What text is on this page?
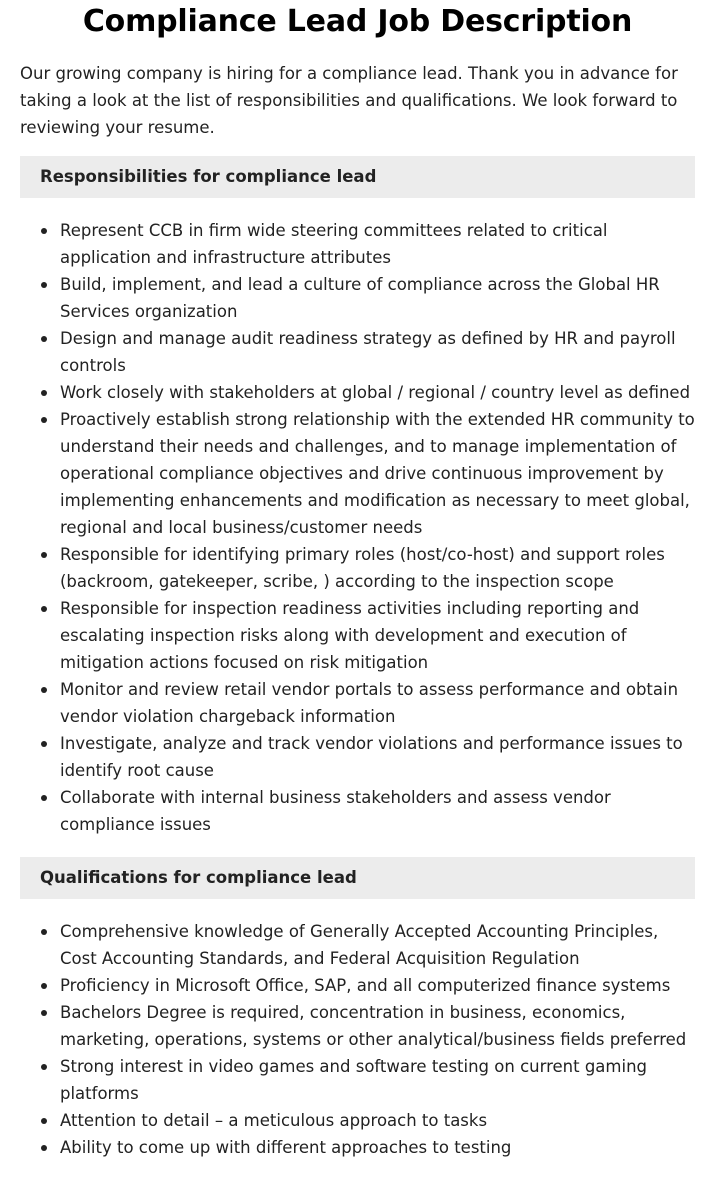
Compliance Lead Job Description

Our growing company is hiring for a compliance lead. Thank you in advance for taking a look at the list of responsibilities and qualifications. We look forward to reviewing your resume.

Responsibilities for compliance lead
Represent CCB in firm wide steering committees related to critical application and infrastructure attributes
Build, implement, and lead a culture of compliance across the Global HR Services organization
Design and manage audit readiness strategy as defined by HR and payroll controls
Work closely with stakeholders at global / regional / country level as defined
Proactively establish strong relationship with the extended HR community to understand their needs and challenges, and to manage implementation of operational compliance objectives and drive continuous improvement by implementing enhancements and modification as necessary to meet global, regional and local business/customer needs
Responsible for identifying primary roles (host/co-host) and support roles (backroom, gatekeeper, scribe, ) according to the inspection scope
Responsible for inspection readiness activities including reporting and escalating inspection risks along with development and execution of mitigation actions focused on risk mitigation
Monitor and review retail vendor portals to assess performance and obtain vendor violation chargeback information
Investigate, analyze and track vendor violations and performance issues to identify root cause
Collaborate with internal business stakeholders and assess vendor compliance issues
Qualifications for compliance lead
Comprehensive knowledge of Generally Accepted Accounting Principles, Cost Accounting Standards, and Federal Acquisition Regulation
Proficiency in Microsoft Office, SAP, and all computerized finance systems
Bachelors Degree is required, concentration in business, economics, marketing, operations, systems or other analytical/business fields preferred
Strong interest in video games and software testing on current gaming platforms
Attention to detail – a meticulous approach to tasks
Ability to come up with different approaches to testing
